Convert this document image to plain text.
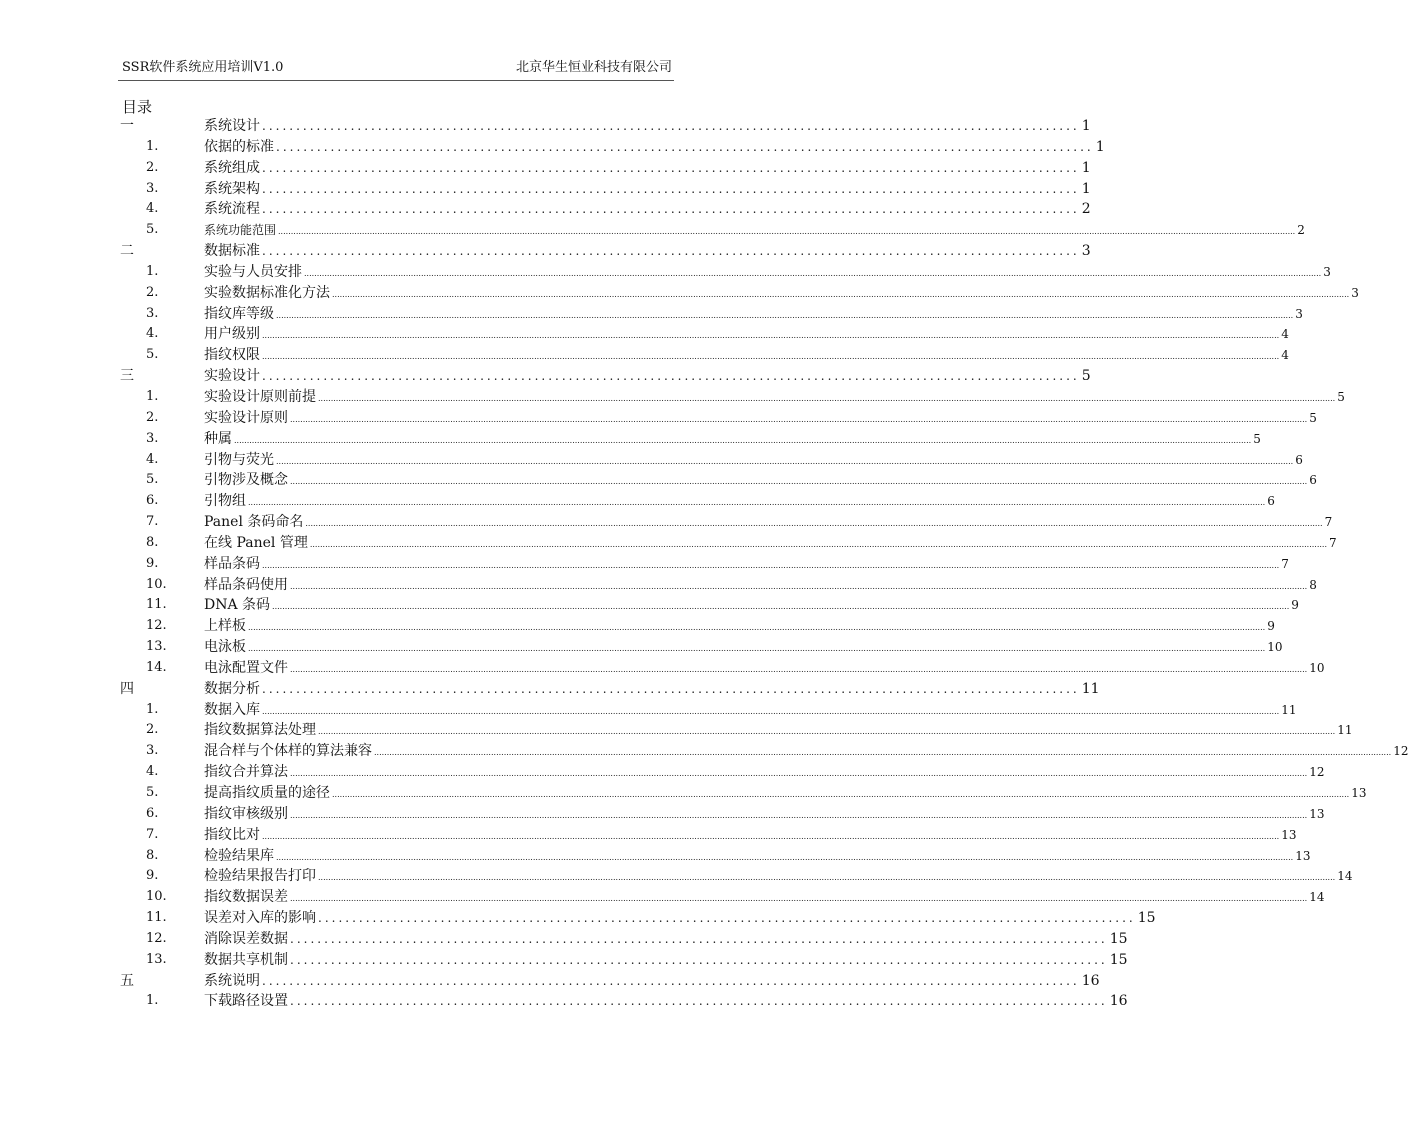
SSR软件系统应用培训V1.0	北京华生恒业科技有限公司
目录
一	系统设计 ........................................................................................................................ 1
1.	依据的标准 ........................................................................................................................ 1
2.	系统组成 ........................................................................................................................ 1
3.	系统架构 ........................................................................................................................ 1
4.	系统流程 ........................................................................................................................ 2
5.	系统功能范围 ................................................................................................................................................................................................................................................................................................................................................................................................................ 2
二	数据标准 ........................................................................................................................ 3
1.	实验与人员安排 ................................................................................................................................................................................................................................................................................................................................................................................................................ 3
2.	实验数据标准化方法 ................................................................................................................................................................................................................................................................................................................................................................................................................ 3
3.	指纹库等级 ................................................................................................................................................................................................................................................................................................................................................................................................................ 3
4.	用户级别 ................................................................................................................................................................................................................................................................................................................................................................................................................ 4
5.	指纹权限 ................................................................................................................................................................................................................................................................................................................................................................................................................ 4
三	实验设计 ........................................................................................................................ 5
1.	实验设计原则前提 ................................................................................................................................................................................................................................................................................................................................................................................................................ 5
2.	实验设计原则 ................................................................................................................................................................................................................................................................................................................................................................................................................ 5
3.	种属 ................................................................................................................................................................................................................................................................................................................................................................................................................ 5
4.	引物与荧光 ................................................................................................................................................................................................................................................................................................................................................................................................................ 6
5.	引物涉及概念 ................................................................................................................................................................................................................................................................................................................................................................................................................ 6
6.	引物组 ................................................................................................................................................................................................................................................................................................................................................................................................................ 6
7.	Panel 条码命名 ................................................................................................................................................................................................................................................................................................................................................................................................................ 7
8.	在线 Panel 管理 ................................................................................................................................................................................................................................................................................................................................................................................................................ 7
9.	样品条码 ................................................................................................................................................................................................................................................................................................................................................................................................................ 7
10.	样品条码使用 ................................................................................................................................................................................................................................................................................................................................................................................................................ 8
11.	DNA 条码 ................................................................................................................................................................................................................................................................................................................................................................................................................ 9
12.	上样板 ................................................................................................................................................................................................................................................................................................................................................................................................................ 9
13.	电泳板 ................................................................................................................................................................................................................................................................................................................................................................................................................ 10
14.	电泳配置文件 ................................................................................................................................................................................................................................................................................................................................................................................................................ 10
四	数据分析 ........................................................................................................................ 11
1.	数据入库 ................................................................................................................................................................................................................................................................................................................................................................................................................ 11
2.	指纹数据算法处理 ................................................................................................................................................................................................................................................................................................................................................................................................................ 11
3.	混合样与个体样的算法兼容 ................................................................................................................................................................................................................................................................................................................................................................................................................ 12
4.	指纹合并算法 ................................................................................................................................................................................................................................................................................................................................................................................................................ 12
5.	提高指纹质量的途径 ................................................................................................................................................................................................................................................................................................................................................................................................................ 13
6.	指纹审核级别 ................................................................................................................................................................................................................................................................................................................................................................................................................ 13
7.	指纹比对 ................................................................................................................................................................................................................................................................................................................................................................................................................ 13
8.	检验结果库 ................................................................................................................................................................................................................................................................................................................................................................................................................ 13
9.	检验结果报告打印 ................................................................................................................................................................................................................................................................................................................................................................................................................ 14
10.	指纹数据误差 ................................................................................................................................................................................................................................................................................................................................................................................................................ 14
11.	误差对入库的影响 ........................................................................................................................ 15
12.	消除误差数据 ........................................................................................................................ 15
13.	数据共享机制 ........................................................................................................................ 15
五	系统说明 ........................................................................................................................ 16
1.	下载路径设置 ........................................................................................................................ 16
